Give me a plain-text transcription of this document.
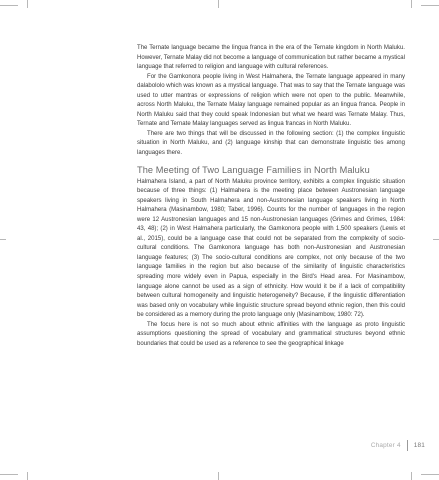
The Ternate language became the lingua franca in the era of the Ternate kingdom in North Maluku. However, Ternate Malay did not become a language of communication but rather became a mystical language that referred to religion and language with cultural references.

For the Gamkonora people living in West Halmahera, the Ternate language appeared in many dalabololo which was known as a mystical language. That was to say that the Ternate language was used to utter mantras or expressions of religion which were not open to the public. Meanwhile, across North Maluku, the Ternate Malay language remained popular as an lingua franca. People in North Maluku said that they could speak Indonesian but what we heard was Ternate Malay. Thus, Ternate and Ternate Malay languages served as lingua francas in North Maluku.

There are two things that will be discussed in the following section: (1) the complex linguistic situation in North Maluku, and (2) language kinship that can demonstrate linguistic ties among languages there.

The Meeting of Two Language Families in North Maluku

Halmahera Island, a part of North Maluku province territory, exhibits a complex linguistic situation because of three things: (1) Halmahera is the meeting place between Austronesian language speakers living in South Halmahera and non-Austronesian language speakers living in North Halmahera (Masinambow, 1980; Taber, 1996). Counts for the number of languages in the region were 12 Austronesian languages and 15 non-Austronesian languages (Grimes and Grimes, 1984: 43, 48); (2) in West Halmahera particularly, the Gamkonora people with 1,500 speakers (Lewis et al., 2015), could be a language case that could not be separated from the complexity of socio-cultural conditions. The Gamkonora language has both non-Austronesian and Austronesian language features; (3) The socio-cultural conditions are complex, not only because of the two language families in the region but also because of the similarity of linguistic characteristics spreading more widely even in Papua, especially in the Bird's Head area. For Masinambow, language alone cannot be used as a sign of ethnicity. How would it be if a lack of compatibility between cultural homogeneity and linguistic heterogeneity? Because, if the linguistic differentiation was based only on vocabulary while linguistic structure spread beyond ethnic region, then this could be considered as a memory during the proto language only (Masinambow, 1980: 72).

The focus here is not so much about ethnic affinities with the language as proto linguistic assumptions questioning the spread of vocabulary and grammatical structures beyond ethnic boundaries that could be used as a reference to see the geographical linkage

Chapter 4 181
